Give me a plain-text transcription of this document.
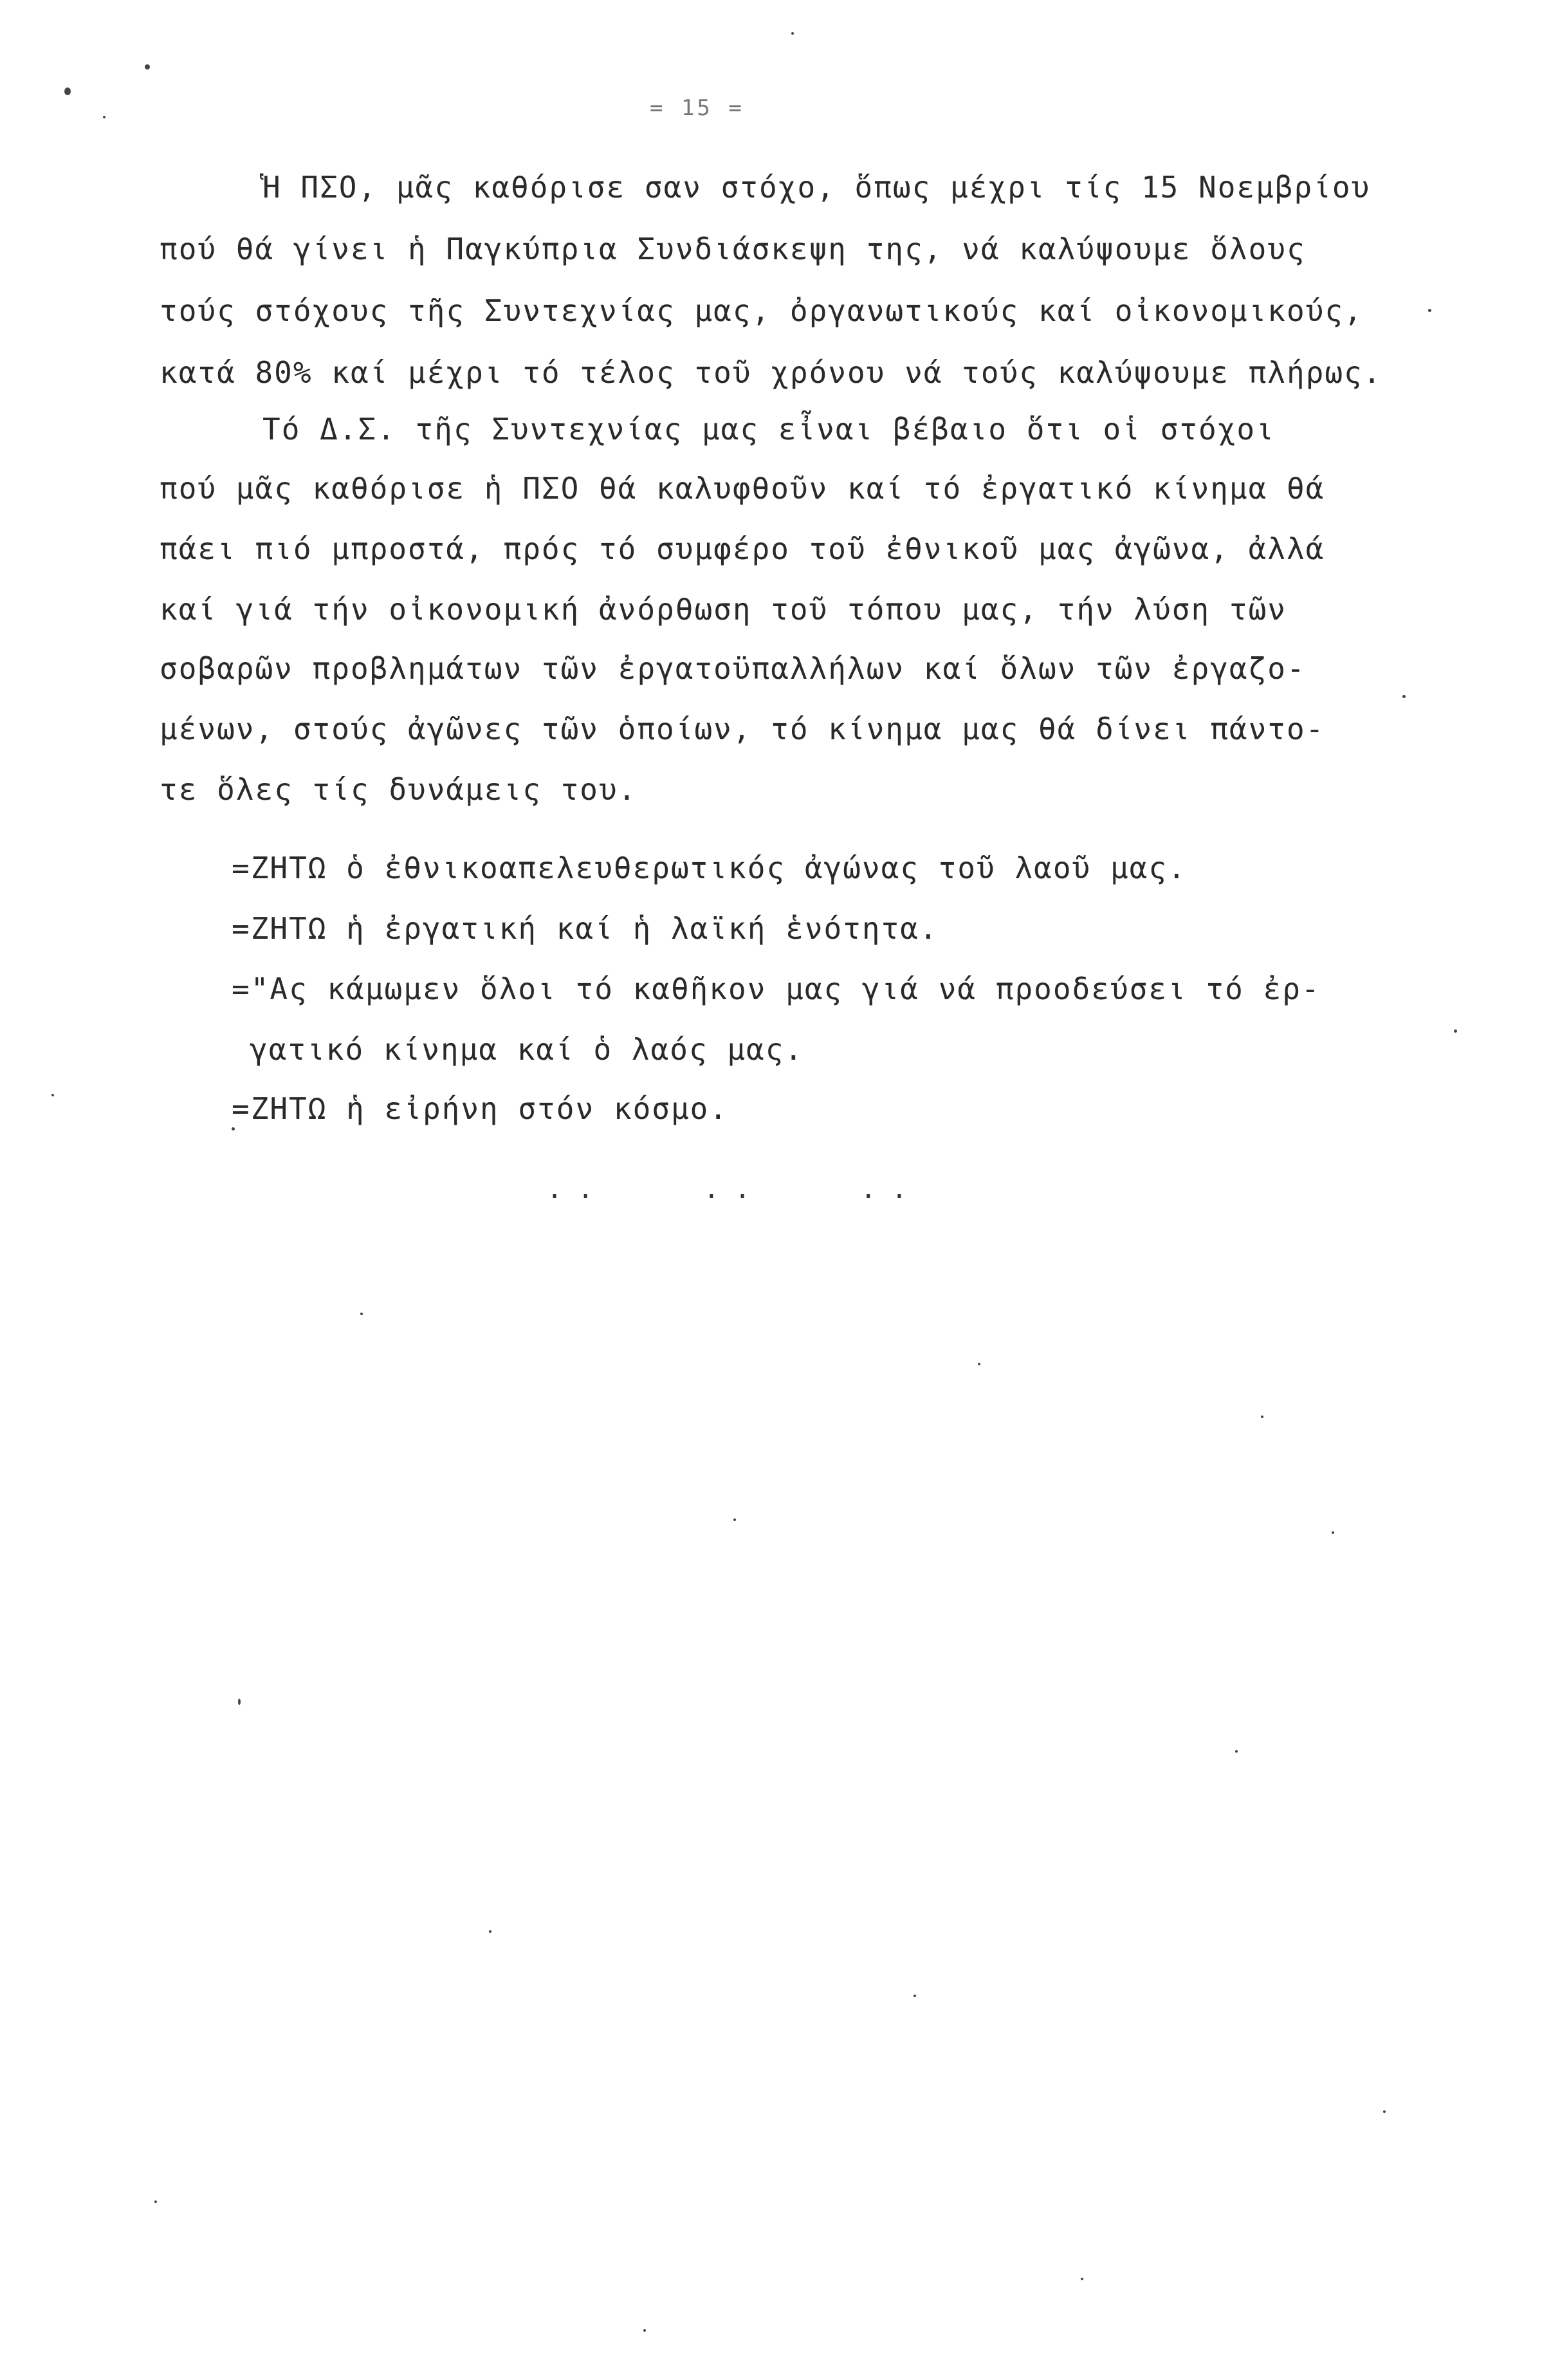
= 15 =
Ἡ ΠΣΟ, μᾶς καθόρισε σαν στόχο, ὅπως μέχρι τίς 15 Νοεμβρίου
πού θά γίνει ἡ Παγκύπρια Συνδιάσκεψη της, νά καλύψουμε ὅλους
τούς στόχους τῆς Συντεχνίας μας, ὀργανωτικούς καί οἰκονομικούς,
κατά 80% καί μέχρι τό τέλος τοῦ χρόνου νά τούς καλύψουμε πλήρως.
Τό Δ.Σ. τῆς Συντεχνίας μας εἶναι βέβαιο ὅτι οἱ στόχοι
πού μᾶς καθόρισε ἡ ΠΣΟ θά καλυφθοῦν καί τό ἐργατικό κίνημα θά
πάει πιό μπροστά, πρός τό συμφέρο τοῦ ἐθνικοῦ μας ἀγῶνα, ἀλλά
καί γιά τήν οἰκονομική ἀνόρθωση τοῦ τόπου μας, τήν λύση τῶν
σοβαρῶν προβλημάτων τῶν ἐργατοϋπαλλήλων καί ὅλων τῶν ἐργαζο-
μένων, στούς ἀγῶνες τῶν ὁποίων, τό κίνημα μας θά δίνει πάντο-
τε ὅλες τίς δυνάμεις του.
=ΖΗΤΩ ὁ ἐθνικοαπελευθερωτικός ἀγώνας τοῦ λαοῦ μας.
=ΖΗΤΩ ἡ ἐργατική καί ἡ λαϊκή ἑνότητα.
="Ας κάμωμεν ὅλοι τό καθῆκον μας γιά νά προοδεύσει τό ἐρ-
γατικό κίνημα καί ὁ λαός μας.
=ΖΗΤΩ ἡ εἰρήνη στόν κόσμο.
. .	. .	. .
